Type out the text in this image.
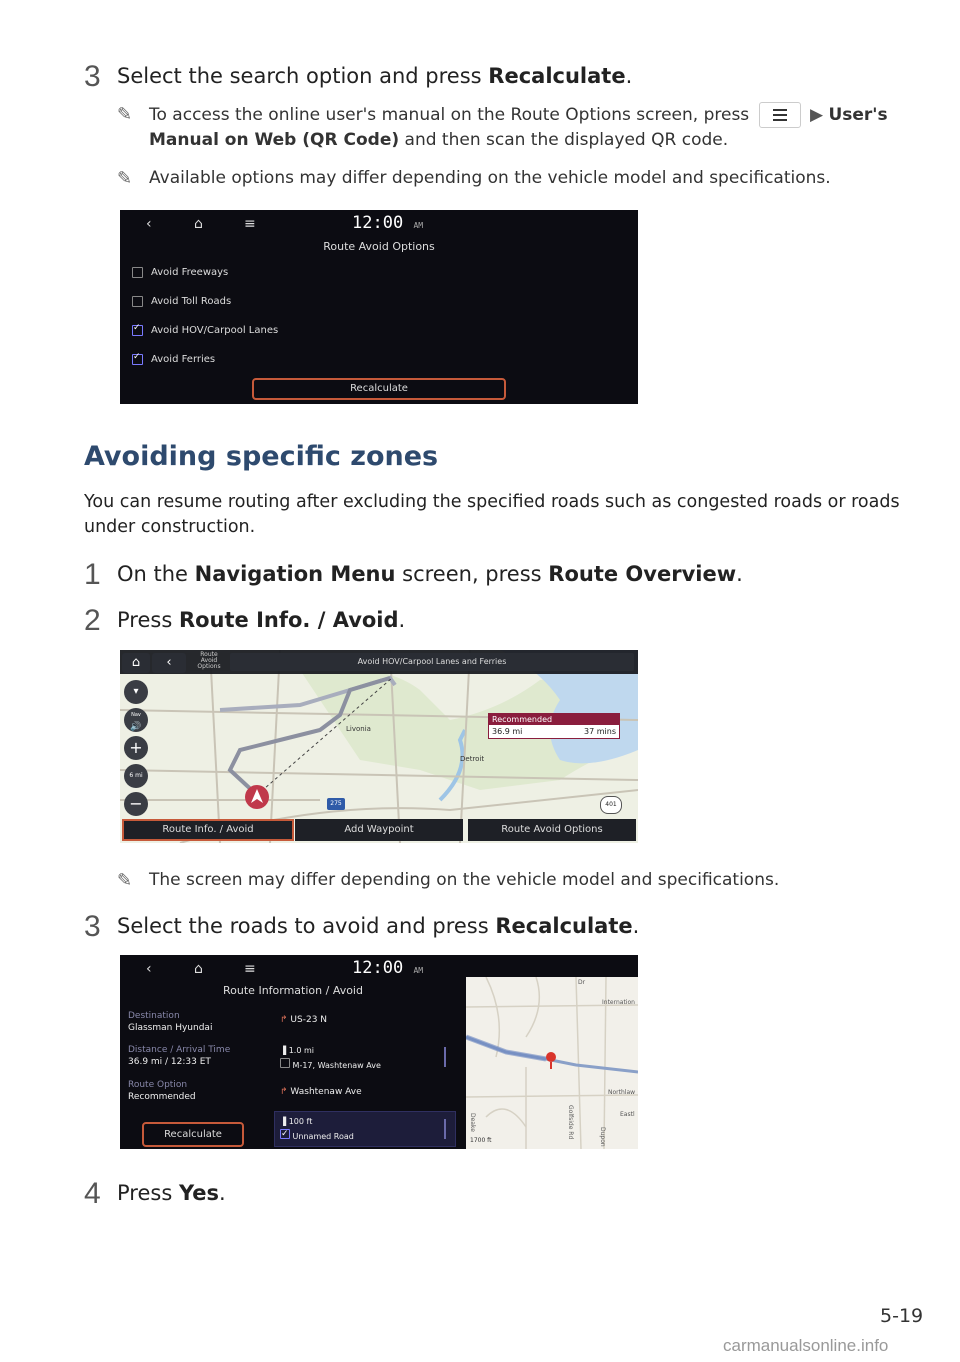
3 Select the search option and press Recalculate.
✎ To access the online user's manual on the Route Options screen, press	▶ User's
Manual on Web (QR Code) and then scan the displayed QR code.
✎ Available options may differ depending on the vehicle model and specifications.
‹	⌂	≡	12:00 AM
Route Avoid Options
Avoid Freeways
Avoid Toll Roads
✓
Avoid HOV/Carpool Lanes
✓
Avoid Ferries
Recalculate
Avoiding specific zones
You can resume routing after excluding the specified roads such as congested roads or roads
under construction.
1 On the Navigation Menu screen, press Route Overview.
2 Press Route Info. / Avoid.
⌂	‹
Route
Avoid
Options
Avoid HOV/Carpool Lanes and Ferries
▾
Nav
🔊
+
6 mi
−
Livonia
Detroit
Recommended
36.9 mi	37 mins
275	401
Route Info. / Avoid	Add Waypoint	Route Avoid Options
✎ The screen may differ depending on the vehicle model and specifications.
3 Select the roads to avoid and press Recalculate.
‹	⌂	≡	12:00 AM
Route Information / Avoid
Destination
Glassman Hyundai
Distance / Arrival Time
36.9 mi / 12:33 ET
Route Option
Recommended
Recalculate
↱ US-23 N
▐ 1.0 mi
M-17, Washtenaw Ave
↱ Washtenaw Ave
▐ 100 ft
✓ Unnamed Road
Internation
Northlaw
Eastl
Golfside Rd	Dupon
Deake
Dr
1700 ft
4 Press Yes.
5-19
carmanualsonline.info
